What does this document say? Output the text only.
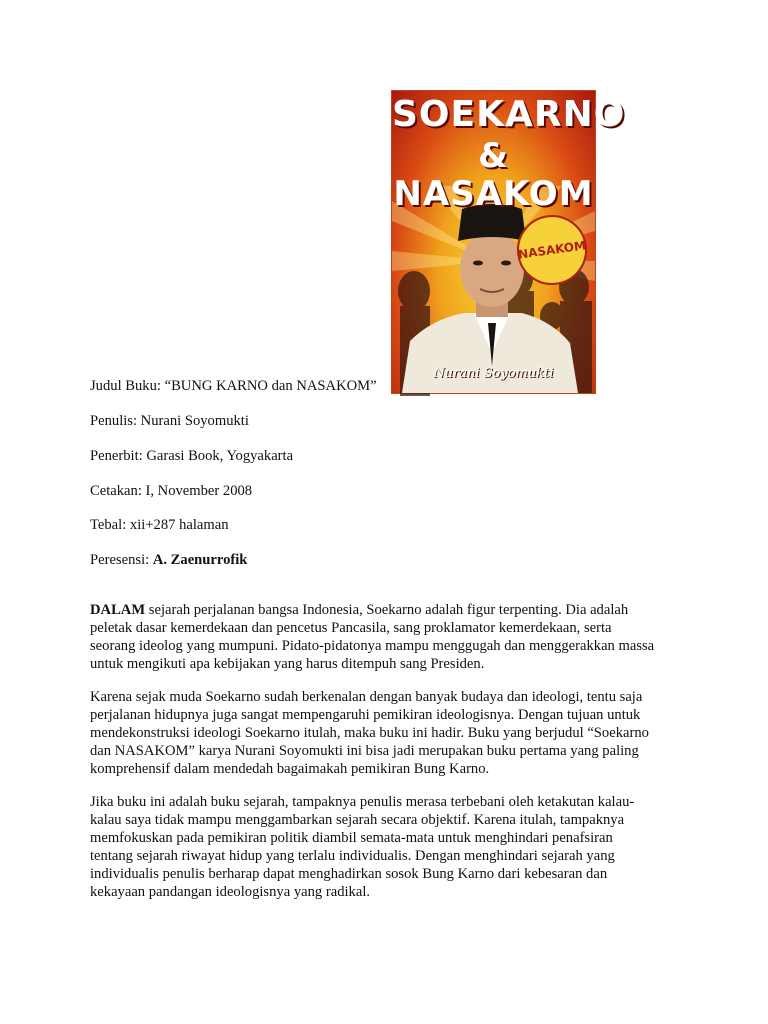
SOEKARNO
& NASAKOM
NASAKOM
Nurani Soyomukti

Judul Buku: “BUNG KARNO dan NASAKOM”

Penulis: Nurani Soyomukti

Penerbit: Garasi Book, Yogyakarta

Cetakan: I, November 2008

Tebal: xii+287 halaman

Peresensi: A. Zaenurrofik

DALAM sejarah perjalanan bangsa Indonesia, Soekarno adalah figur terpenting. Dia adalah
peletak dasar kemerdekaan dan pencetus Pancasila, sang proklamator kemerdekaan, serta
seorang ideolog yang mumpuni. Pidato-pidatonya mampu menggugah dan menggerakkan massa
untuk mengikuti apa kebijakan yang harus ditempuh sang Presiden.
Karena sejak muda Soekarno sudah berkenalan dengan banyak budaya dan ideologi, tentu saja
perjalanan hidupnya juga sangat mempengaruhi pemikiran ideologisnya. Dengan tujuan untuk
mendekonstruksi ideologi Soekarno itulah, maka buku ini hadir. Buku yang berjudul “Soekarno
dan NASAKOM” karya Nurani Soyomukti ini bisa jadi merupakan buku pertama yang paling
komprehensif dalam mendedah bagaimakah pemikiran Bung Karno.
Jika buku ini adalah buku sejarah, tampaknya penulis merasa terbebani oleh ketakutan kalau-
kalau saya tidak mampu menggambarkan sejarah secara objektif. Karena itulah, tampaknya
memfokuskan pada pemikiran politik diambil semata-mata untuk menghindari penafsiran
tentang sejarah riwayat hidup yang terlalu individualis. Dengan menghindari sejarah yang
individualis penulis berharap dapat menghadirkan sosok Bung Karno dari kebesaran dan
kekayaan pandangan ideologisnya yang radikal.
